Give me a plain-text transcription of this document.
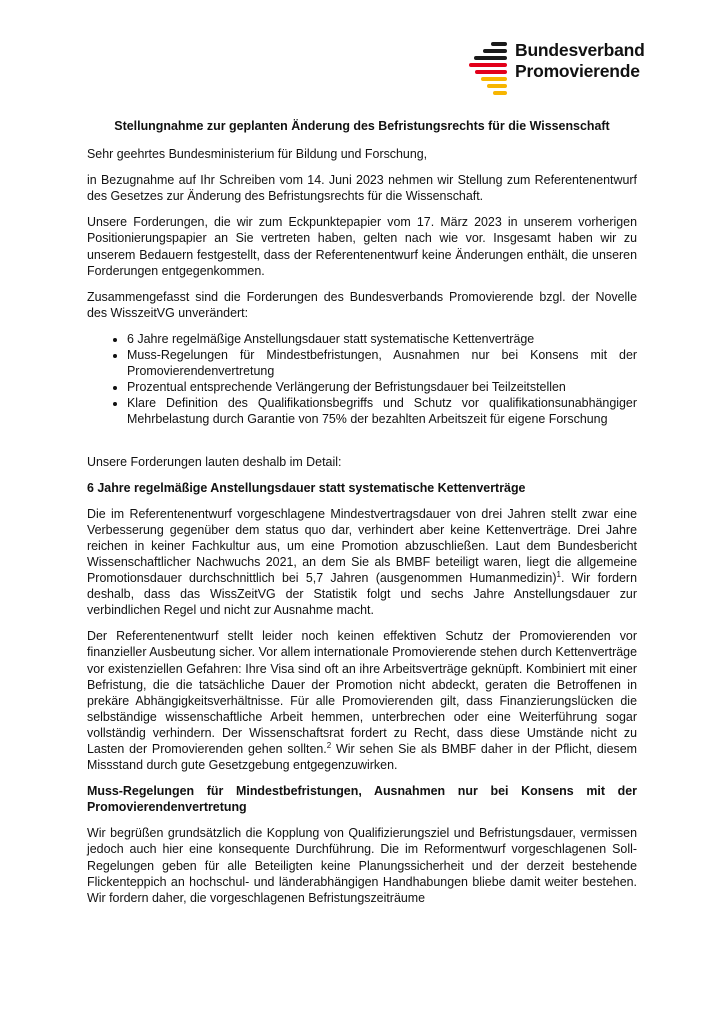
Bundesverband
Promovierende
Stellungnahme zur geplanten Änderung des Befristungsrechts für die Wissenschaft

Sehr geehrtes Bundesministerium für Bildung und Forschung,

in Bezugnahme auf Ihr Schreiben vom 14. Juni 2023 nehmen wir Stellung zum Referentenentwurf des Gesetzes zur Änderung des Befristungsrechts für die Wissenschaft.

Unsere Forderungen, die wir zum Eckpunktepapier vom 17. März 2023 in unserem vorherigen Positionierungspapier an Sie vertreten haben, gelten nach wie vor. Insgesamt haben wir zu unserem Bedauern festgestellt, dass der Referentenentwurf keine Änderungen enthält, die unseren Forderungen entgegenkommen.

Zusammengefasst sind die Forderungen des Bundesverbands Promovierende bzgl. der Novelle des WisszeitVG unverändert:

• 6 Jahre regelmäßige Anstellungsdauer statt systematische Kettenverträge
• Muss-Regelungen für Mindestbefristungen, Ausnahmen nur bei Konsens mit der Promovierendenvertretung
• Prozentual entsprechende Verlängerung der Befristungsdauer bei Teilzeitstellen
• Klare Definition des Qualifikationsbegriffs und Schutz vor qualifikationsunabhängiger Mehrbelastung durch Garantie von 75% der bezahlten Arbeitszeit für eigene Forschung

Unsere Forderungen lauten deshalb im Detail:

6 Jahre regelmäßige Anstellungsdauer statt systematische Kettenverträge

Die im Referentenentwurf vorgeschlagene Mindestvertragsdauer von drei Jahren stellt zwar eine Verbesserung gegenüber dem status quo dar, verhindert aber keine Kettenverträge. Drei Jahre reichen in keiner Fachkultur aus, um eine Promotion abzuschließen. Laut dem Bundesbericht Wissenschaftlicher Nachwuchs 2021, an dem Sie als BMBF beteiligt waren, liegt die allgemeine Promotionsdauer durchschnittlich bei 5,7 Jahren (ausgenommen Humanmedizin)$^1$. Wir fordern deshalb, dass das WissZeitVG der Statistik folgt und sechs Jahre Anstellungsdauer zur verbindlichen Regel und nicht zur Ausnahme macht.

Der Referentenentwurf stellt leider noch keinen effektiven Schutz der Promovierenden vor finanzieller Ausbeutung sicher. Vor allem internationale Promovierende stehen durch Kettenverträge vor existenziellen Gefahren: Ihre Visa sind oft an ihre Arbeitsverträge geknüpft. Kombiniert mit einer Befristung, die die tatsächliche Dauer der Promotion nicht abdeckt, geraten die Betroffenen in prekäre Abhängigkeitsverhältnisse. Für alle Promovierenden gilt, dass Finanzierungslücken die selbständige wissenschaftliche Arbeit hemmen, unterbrechen oder eine Weiterführung sogar vollständig verhindern. Der Wissenschaftsrat fordert zu Recht, dass diese Umstände nicht zu Lasten der Promovierenden gehen sollten.$^2$ Wir sehen Sie als BMBF daher in der Pflicht, diesem Missstand durch gute Gesetzgebung entgegenzuwirken.

Muss-Regelungen für Mindestbefristungen, Ausnahmen nur bei Konsens mit der Promovierendenvertretung

Wir begrüßen grundsätzlich die Kopplung von Qualifizierungsziel und Befristungsdauer, vermissen jedoch auch hier eine konsequente Durchführung. Die im Reformentwurf vorgeschlagenen Soll-Regelungen geben für alle Beteiligten keine Planungssicherheit und der derzeit bestehende Flickenteppich an hochschul- und länderabhängigen Handhabungen bliebe damit weiter bestehen. Wir fordern daher, die vorgeschlagenen Befristungszeiträume
